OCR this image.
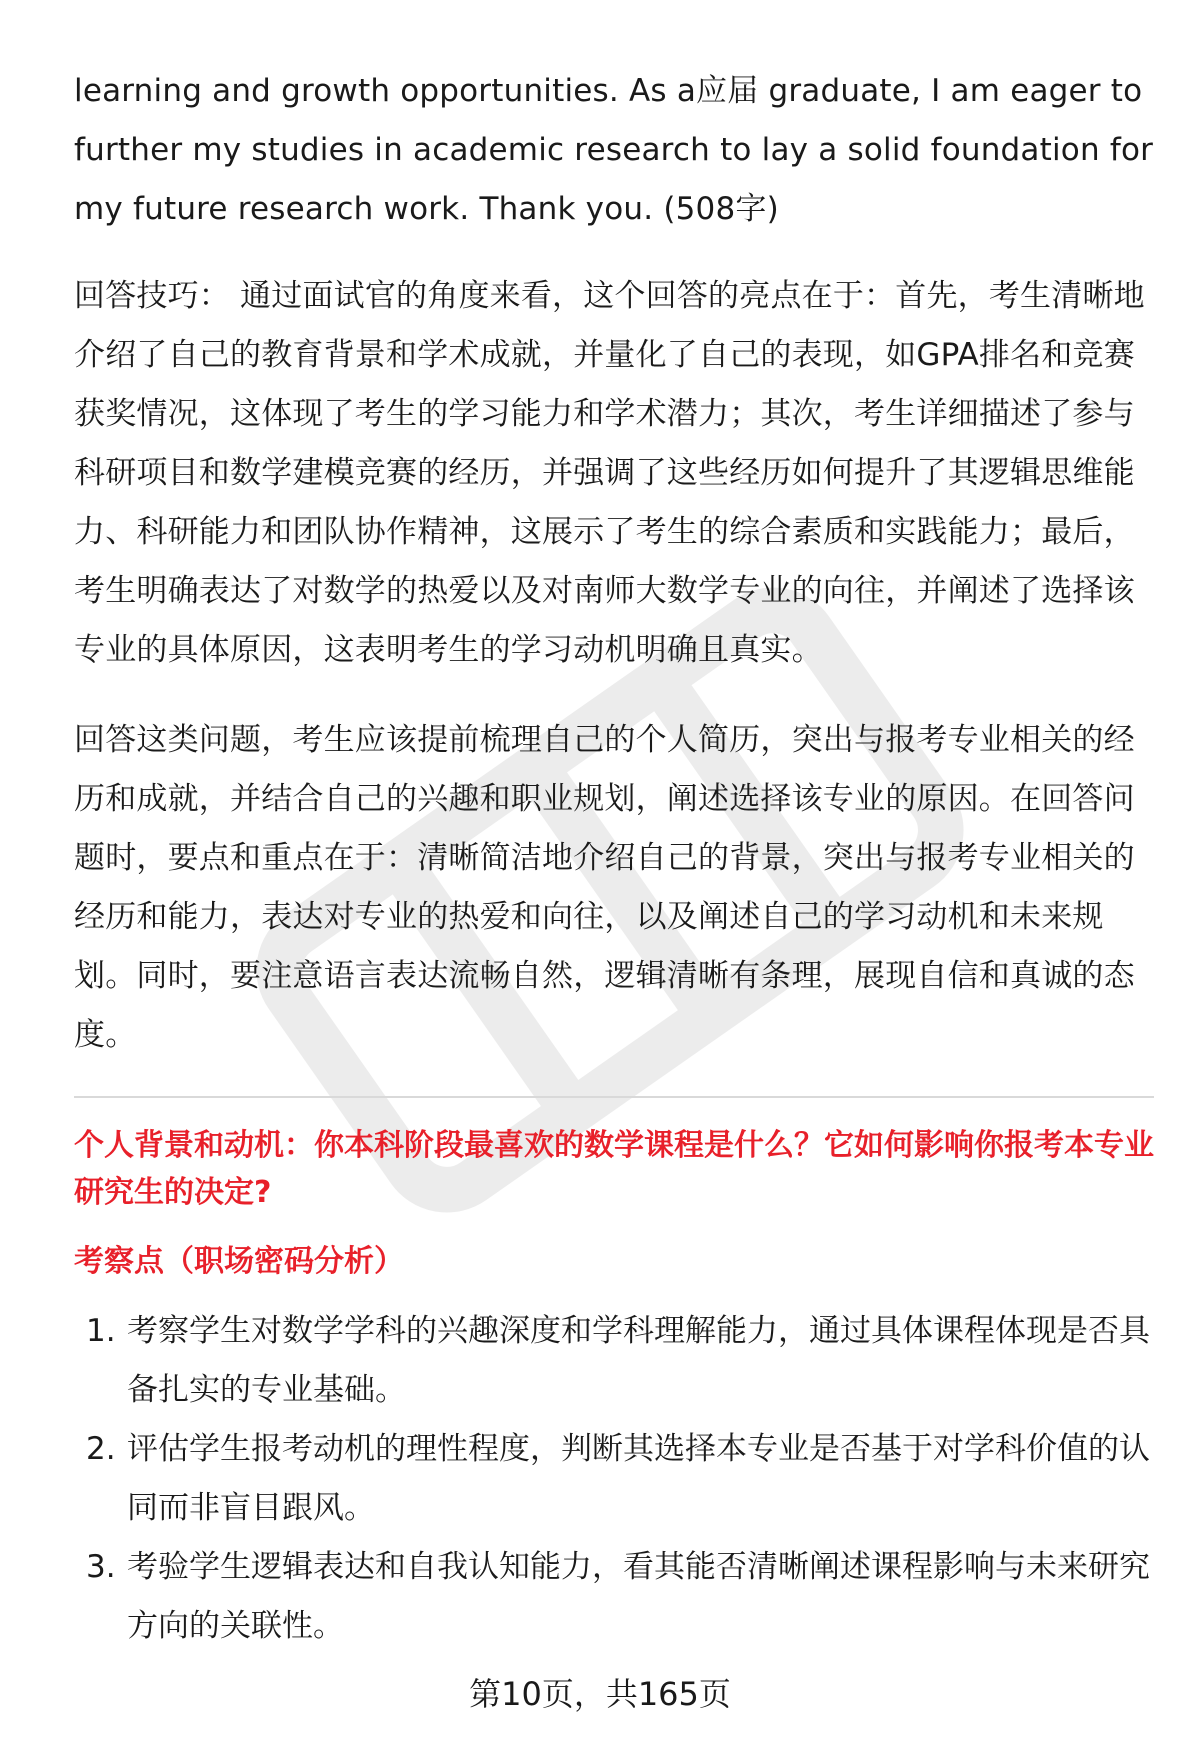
learning and growth opportunities. As a应届 graduate, I am eager to further my studies in academic research to lay a solid foundation for my future research work. Thank you. (508字)

回答技巧： 通过面试官的角度来看，这个回答的亮点在于：首先，考生清晰地介绍了自己的教育背景和学术成就，并量化了自己的表现，如GPA排名和竞赛获奖情况，这体现了考生的学习能力和学术潜力；其次，考生详细描述了参与科研项目和数学建模竞赛的经历，并强调了这些经历如何提升了其逻辑思维能力、科研能力和团队协作精神，这展示了考生的综合素质和实践能力；最后，考生明确表达了对数学的热爱以及对南师大数学专业的向往，并阐述了选择该专业的具体原因，这表明考生的学习动机明确且真实。

回答这类问题，考生应该提前梳理自己的个人简历，突出与报考专业相关的经历和成就，并结合自己的兴趣和职业规划，阐述选择该专业的原因。在回答问题时，要点和重点在于：清晰简洁地介绍自己的背景，突出与报考专业相关的经历和能力，表达对专业的热爱和向往，以及阐述自己的学习动机和未来规划。同时，要注意语言表达流畅自然，逻辑清晰有条理，展现自信和真诚的态度。

个人背景和动机：你本科阶段最喜欢的数学课程是什么？它如何影响你报考本专业研究生的决定?
考察点（职场密码分析）
1. 考察学生对数学学科的兴趣深度和学科理解能力，通过具体课程体现是否具备扎实的专业基础。
2. 评估学生报考动机的理性程度，判断其选择本专业是否基于对学科价值的认同而非盲目跟风。
3. 考验学生逻辑表达和自我认知能力，看其能否清晰阐述课程影响与未来研究方向的关联性。
第10页，共165页
